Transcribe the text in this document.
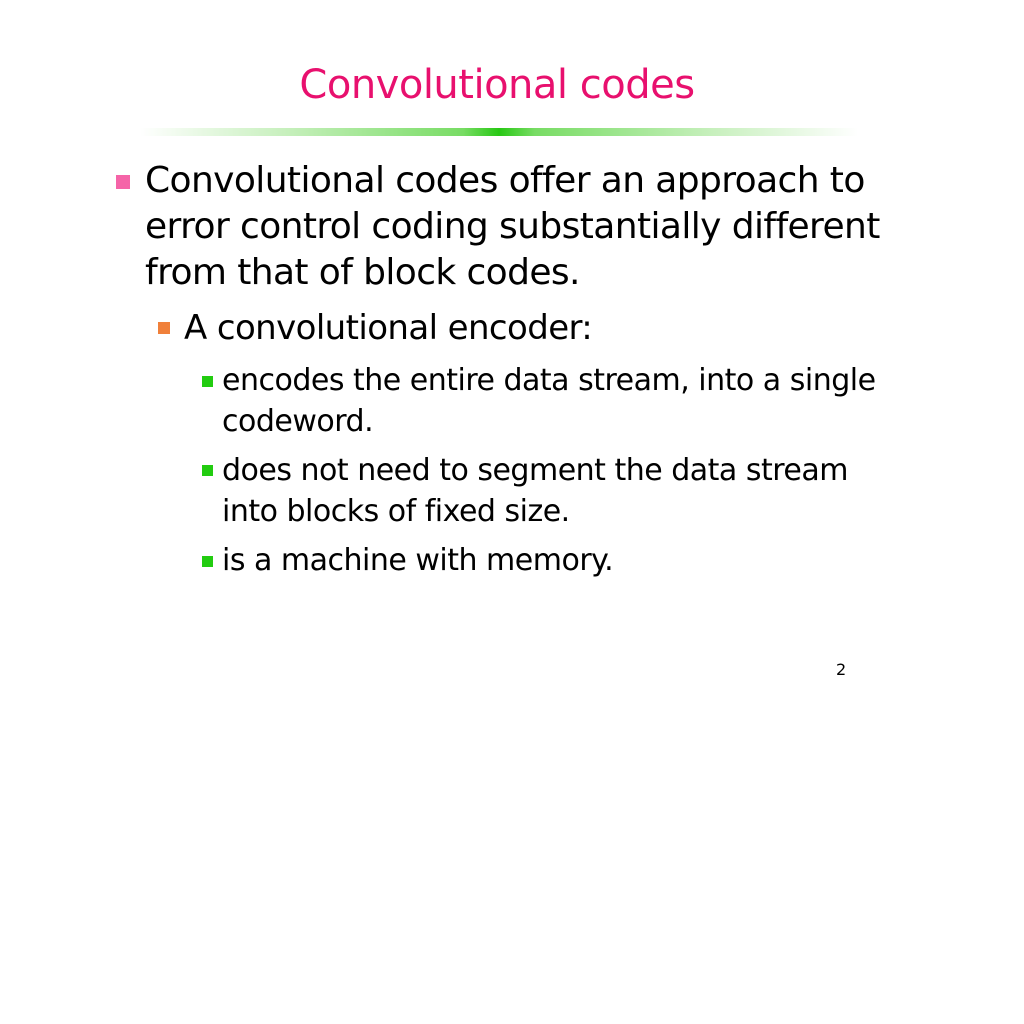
Convolutional codes

Convolutional codes offer an approach to error control coding substantially different from that of block codes.

A convolutional encoder:

encodes the entire data stream, into a single codeword.

does not need to segment the data stream into blocks of fixed size.

is a machine with memory.

2
